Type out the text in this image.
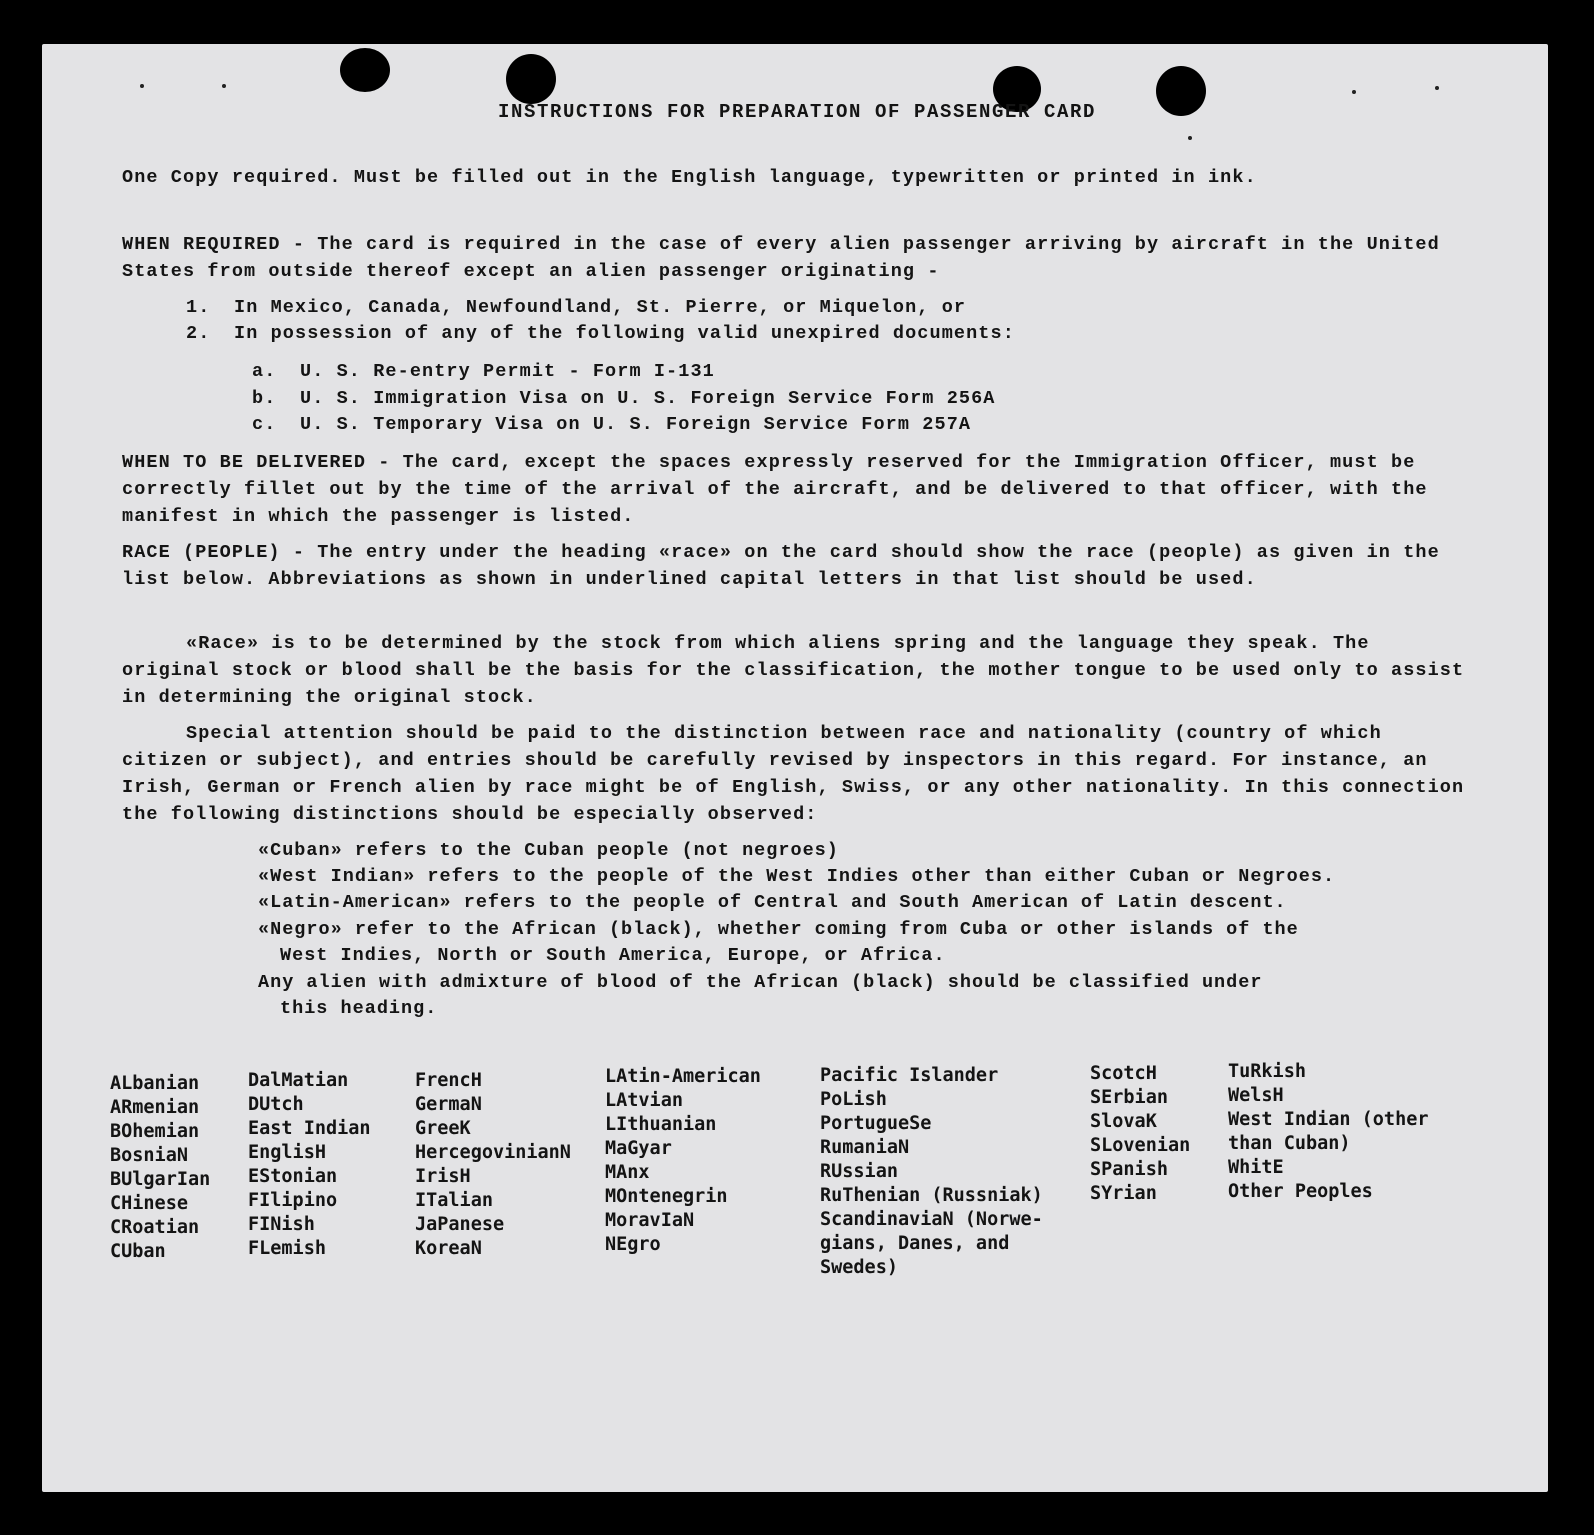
INSTRUCTIONS FOR PREPARATION OF PASSENGER CARD

One Copy required. Must be filled out in the English language, typewritten or printed in ink.

WHEN REQUIRED - The card is required in the case of every alien passenger arriving by aircraft in the United States from outside thereof except an alien passenger originating -

1. In Mexico, Canada, Newfoundland, St. Pierre, or Miquelon, or
2. In possession of any of the following valid unexpired documents:
a. U. S. Re-entry Permit - Form I-131
b. U. S. Immigration Visa on U. S. Foreign Service Form 256A
c. U. S. Temporary Visa on U. S. Foreign Service Form 257A

WHEN TO BE DELIVERED - The card, except the spaces expressly reserved for the Immigration Officer, must be correctly fillet out by the time of the arrival of the aircraft, and be delivered to that officer, with the manifest in which the passenger is listed.

RACE (PEOPLE) - The entry under the heading «race» on the card should show the race (people) as given in the list below. Abbreviations as shown in underlined capital letters in that list should be used.

«Race» is to be determined by the stock from which aliens spring and the language they speak. The original stock or blood shall be the basis for the classification, the mother tongue to be used only to assist in determining the original stock.

Special attention should be paid to the distinction between race and nationality (country of which citizen or subject), and entries should be carefully revised by inspectors in this regard. For instance, an Irish, German or French alien by race might be of English, Swiss, or any other nationality. In this connection the following distinctions should be especially observed:

«Cuban» refers to the Cuban people (not negroes)
«West Indian» refers to the people of the West Indies other than either Cuban or Negroes.
«Latin-American» refers to the people of Central and South American of Latin descent.
«Negro» refer to the African (black), whether coming from Cuba or other islands of the
West Indies, North or South America, Europe, or Africa.
Any alien with admixture of blood of the African (black) should be classified under
this heading.
ALbanian
ARmenian
BOhemian
BosniaN
BUlgarIan
CHinese
CRoatian
CUban
DalMatian
DUtch
East Indian
EnglisH
EStonian
FIlipino
FINish
FLemish
FrencH
GermaN
GreeK
HercegovinianN
IrisH
ITalian
JaPanese
KoreaN
LAtin-American
LAtvian
LIthuanian
MaGyar
MAnx
MOntenegrin
MoravIaN
NEgro
Pacific Islander
PoLish
PortugueSe
RumaniaN
RUssian
RuThenian (Russniak)
ScandinaviaN (Norwe-
gians, Danes, and
Swedes)
ScotcH
SErbian
SlovaK
SLovenian
SPanish
SYrian
TuRkish
WelsH
West Indian (other
than Cuban)
WhitE
Other Peoples
